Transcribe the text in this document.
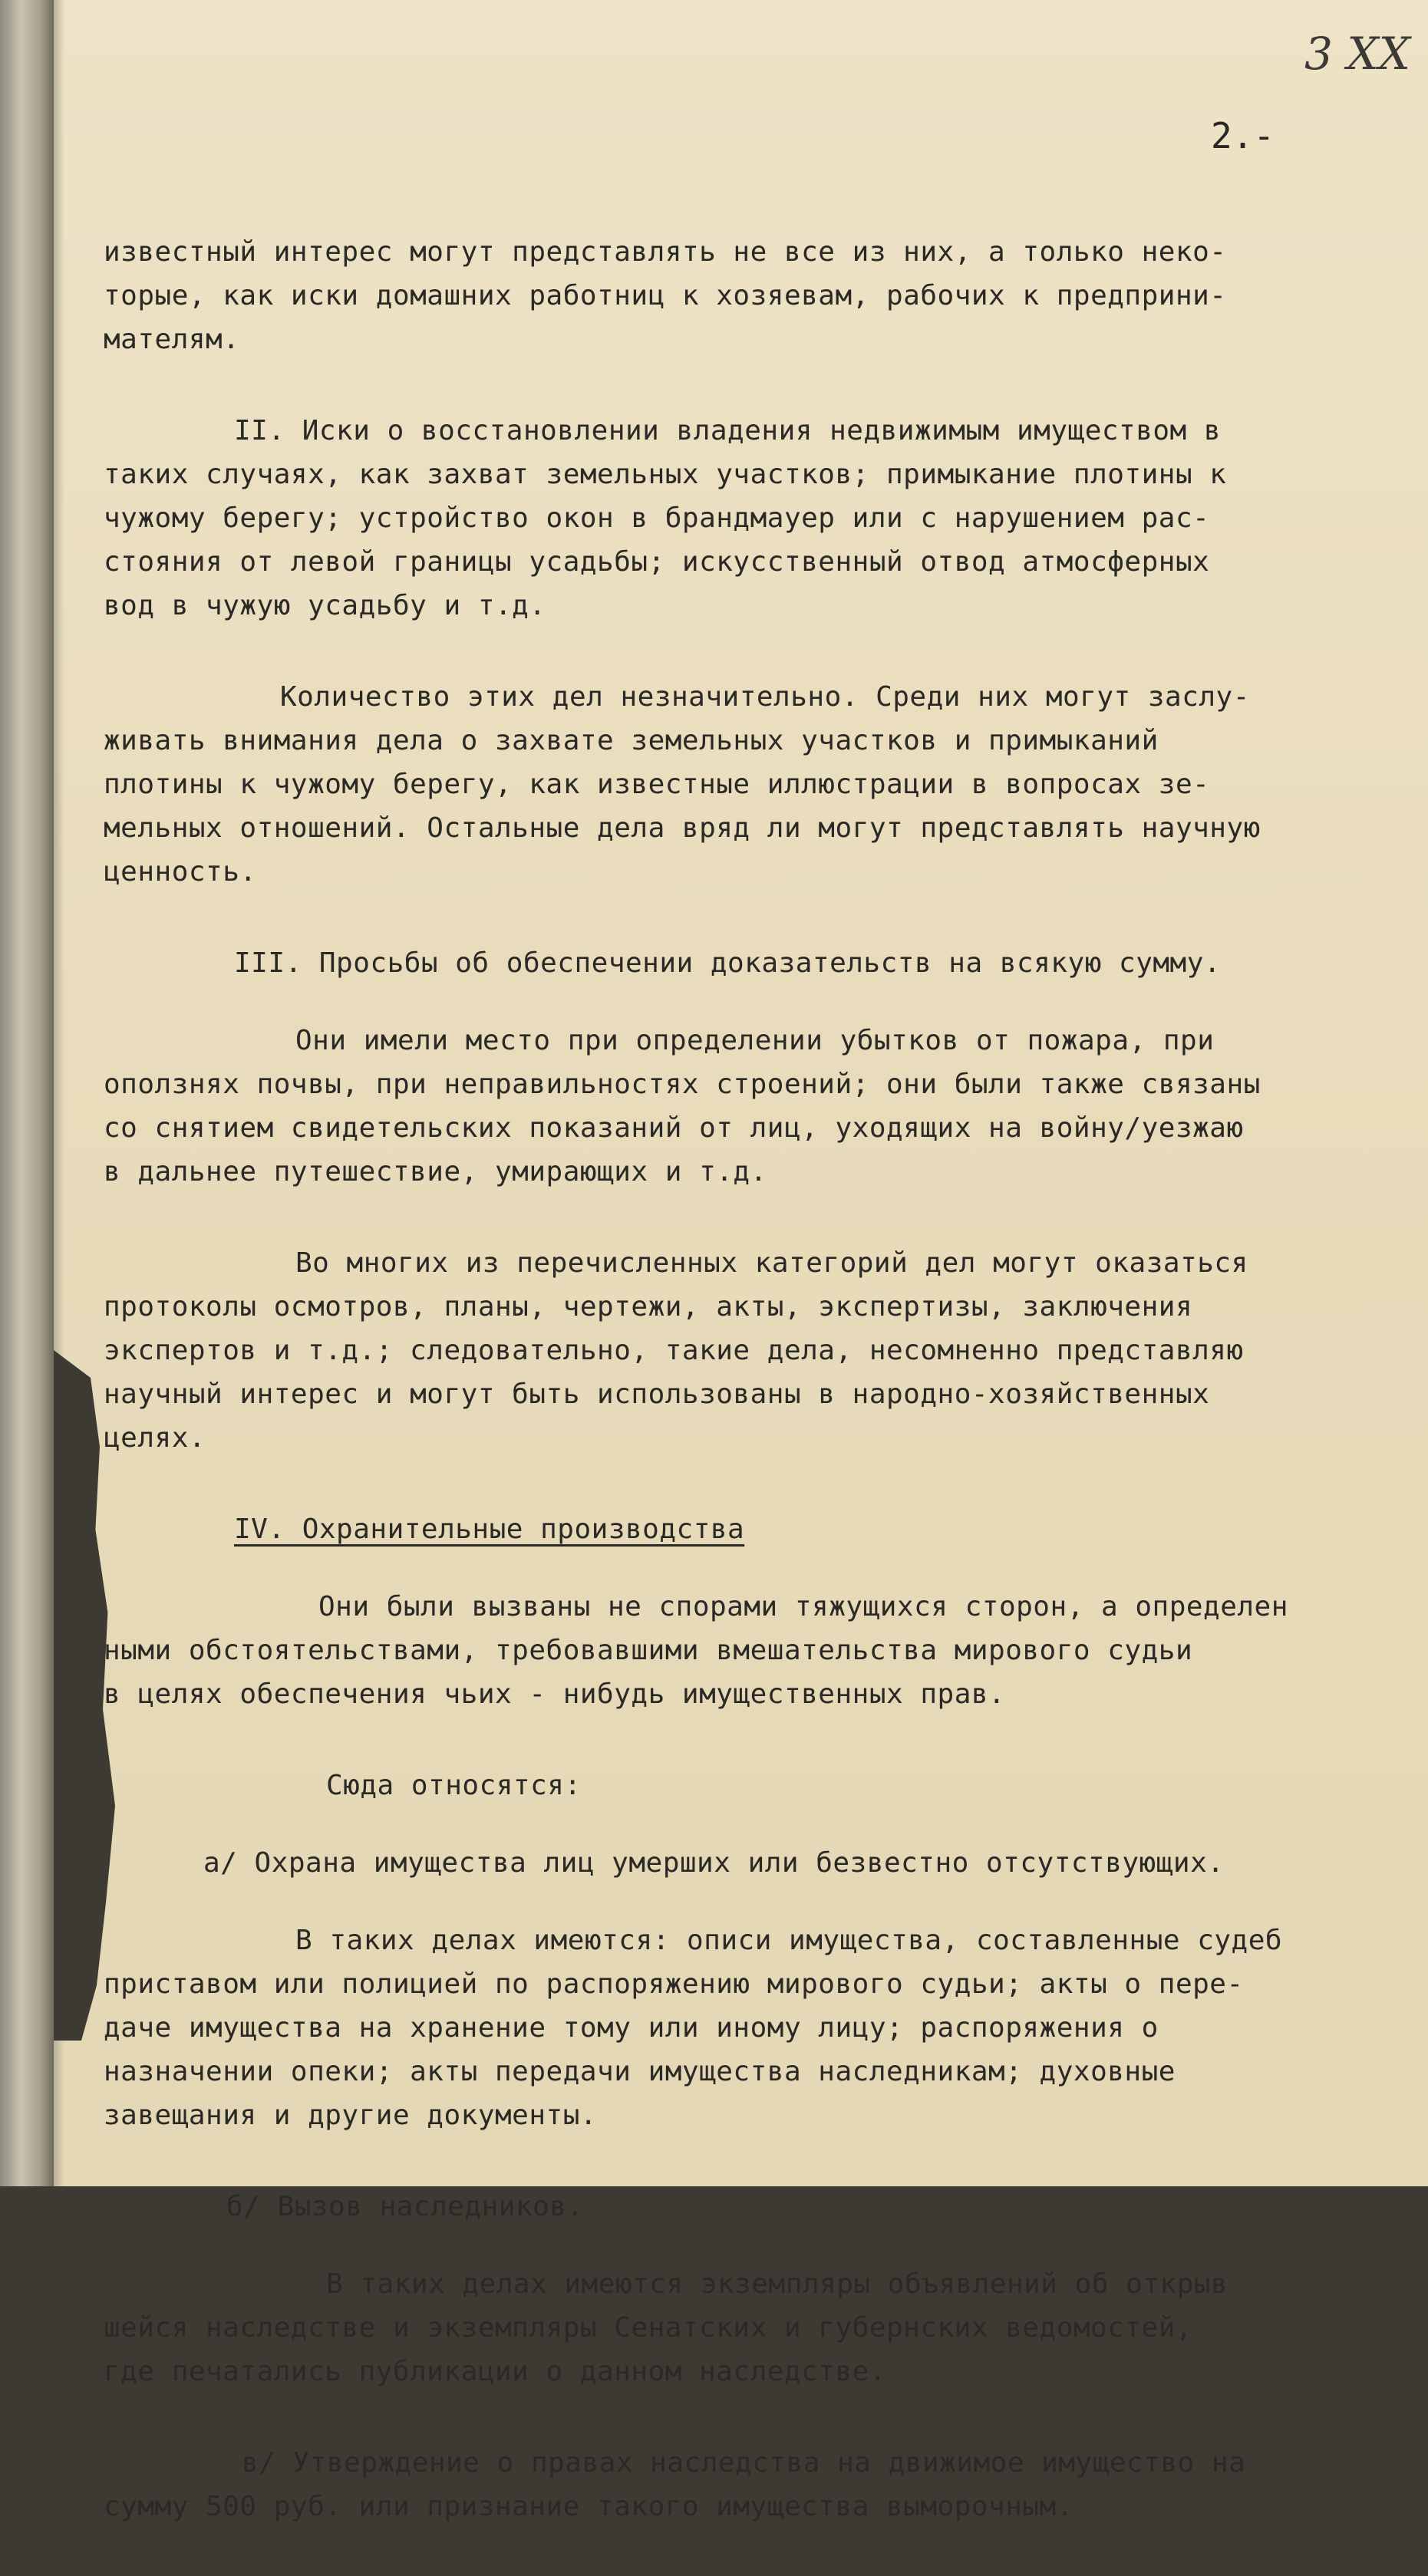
3 XX
2.-
известный интерес могут представлять не все из них, а только неко-
торые, как иски домашних работниц к хозяевам, рабочих к предприни-
мателям.
II. Иски о восстановлении владения недвижимым имуществом в
таких случаях, как захват земельных участков; примыкание плотины к
чужому берегу; устройство окон в брандмауер или с нарушением рас-
стояния от левой границы усадьбы; искусственный отвод атмосферных
вод в чужую усадьбу и т.д.
Количество этих дел незначительно. Среди них могут заслу-
живать внимания дела о захвате земельных участков и примыканий
плотины к чужому берегу, как известные иллюстрации в вопросах зе-
мельных отношений. Остальные дела вряд ли могут представлять научную
ценность.
III. Просьбы об обеспечении доказательств на всякую сумму.
Они имели место при определении убытков от пожара, при
оползнях почвы, при неправильностях строений; они были также связаны
со снятием свидетельских показаний от лиц, уходящих на войну/уезжаю
в дальнее путешествие, умирающих и т.д.
Во многих из перечисленных категорий дел могут оказаться
протоколы осмотров, планы, чертежи, акты, экспертизы, заключения
экспертов и т.д.; следовательно, такие дела, несомненно представляю
научный интерес и могут быть использованы в народно-хозяйственных
целях.
IV. Охранительные производства
Они были вызваны не спорами тяжущихся сторон, а определен
ными обстоятельствами, требовавшими вмешательства мирового судьи
в целях обеспечения чьих - нибудь имущественных прав.
Сюда относятся:
а/ Охрана имущества лиц умерших или безвестно отсутствующих.
В таких делах имеются: описи имущества, составленные судеб
приставом или полицией по распоряжению мирового судьи; акты о пере-
даче имущества на хранение тому или иному лицу; распоряжения о
назначении опеки; акты передачи имущества наследникам; духовные
завещания и другие документы.
б/ Вызов наследников.
В таких делах имеются экземпляры объявлений об открыв
шейся наследстве и экземпляры Сенатских и губернских ведомостей,
где печатались публикации о данном наследстве.
в/ Утверждение о правах наследства на движимое имущество на
сумму 500 руб. или признание такого имущества выморочным.
